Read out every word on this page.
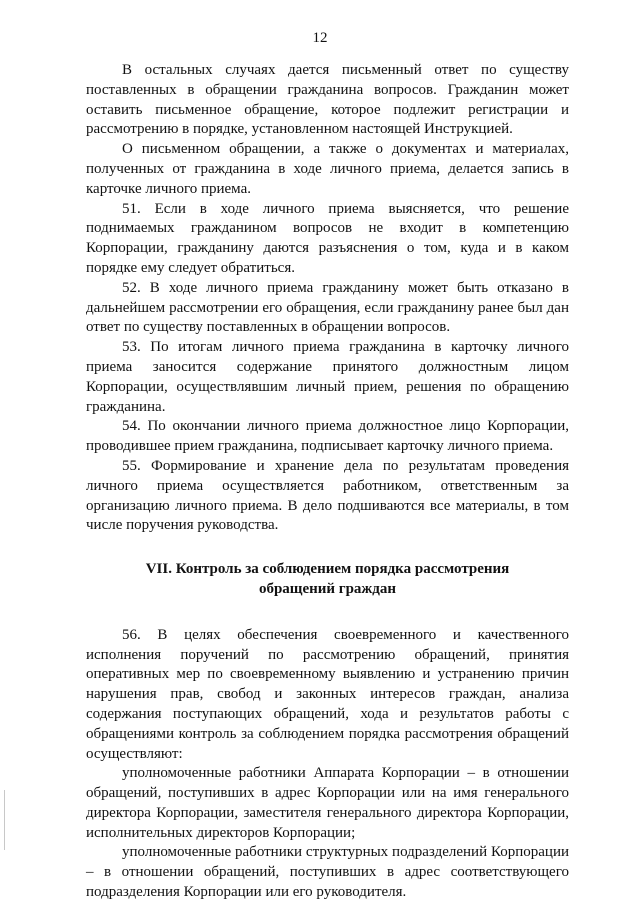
12

В остальных случаях дается письменный ответ по существу поставленных в обращении гражданина вопросов. Гражданин может оставить письменное обращение, которое подлежит регистрации и рассмотрению в порядке, установленном настоящей Инструкцией.

О письменном обращении, а также о документах и материалах, полученных от гражданина в ходе личного приема, делается запись в карточке личного приема.

51. Если в ходе личного приема выясняется, что решение поднимаемых гражданином вопросов не входит в компетенцию Корпорации, гражданину даются разъяснения о том, куда и в каком порядке ему следует обратиться.

52. В ходе личного приема гражданину может быть отказано в дальнейшем рассмотрении его обращения, если гражданину ранее был дан ответ по существу поставленных в обращении вопросов.

53. По итогам личного приема гражданина в карточку личного приема заносится содержание принятого должностным лицом Корпорации, осуществлявшим личный прием, решения по обращению гражданина.

54. По окончании личного приема должностное лицо Корпорации, проводившее прием гражданина, подписывает карточку личного приема.

55. Формирование и хранение дела по результатам проведения личного приема осуществляется работником, ответственным за организацию личного приема. В дело подшиваются все материалы, в том числе поручения руководства.

VII. Контроль за соблюдением порядка рассмотрения
обращений граждан

56. В целях обеспечения своевременного и качественного исполнения поручений по рассмотрению обращений, принятия оперативных мер по своевременному выявлению и устранению причин нарушения прав, свобод и законных интересов граждан, анализа содержания поступающих обращений, хода и результатов работы с обращениями контроль за соблюдением порядка рассмотрения обращений осуществляют:

уполномоченные работники Аппарата Корпорации – в отношении обращений, поступивших в адрес Корпорации или на имя генерального директора Корпорации, заместителя генерального директора Корпорации, исполнительных директоров Корпорации;

уполномоченные работники структурных подразделений Корпорации – в отношении обращений, поступивших в адрес соответствующего подразделения Корпорации или его руководителя.
